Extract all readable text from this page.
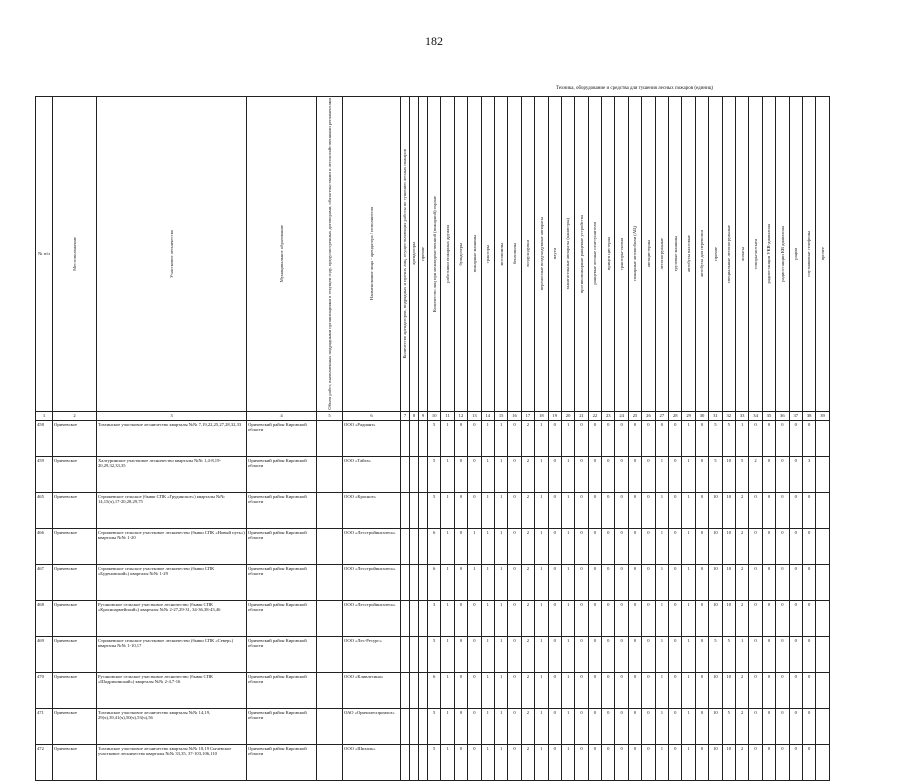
182
№ п/п	Местоположение	Участковое лесничество	Муниципальное образование	Объем работ, выполненных подрядными организациями в текущем году, предусмотренных договорами, обязательствами и лесохозяйственными регламентами	Наименование лица - арендатора / исполнителя	Количество арендаторов, подрядных и прочих лиц, осуществляющих работы по тушению лесных пожаров	арендаторы	прочие	Количество лиц при межведомственной (пожарной) охране	работники пожарных дружин	бульдозеры	пожарные машины	тракторы	мотопомпы	бензопилы	воздуходувки	переносные воздуходувные аппараты	плуги	зажигательные аппараты (канистры)	противопожарные ранцевые устройства	ранцевые лесные огнетушители	прицеп цистерна	тракторы-тягачи	пожарные автомобили (АЦ)	автоцистерны	лесопатрульные	грузовые машины	автобусы вахтовые	автобусы для перевозки	прочие	специальные лесопатрульные	лопаты	топоры-мотыги	радиостанции УКВ-диапазона	радиостанции КВ диапазона	рации	спутниковые телефоны	прочее

1	2	3	4	5	6	7	8	9	10	11	12	13	14	15	16	17	18	19	20	21	22	23	24	25	26	27	28	29	30	31	32	33	34	35	36	37	38	39
458	Оричевское	Тохтинское участковое лесничество кварталы №№ 7,19,22,25,27,28,32,33	Оричевский район Кировской области		ООО «Радиант»				5	1	0	0	1	1	0	2	1	0	1	0	0	0	0	0	0	0	0	1	0	5	5	1	0	0	0	0	0	
459	Оричевское	Халтуринское участковое лесничество кварталы №№ 1,4-8,19-20,29,32,33,35	Оричевский район Кировской области		ООО «Тайга»				5	1	0	0	1	1	0	2	1	0	1	0	0	0	0	0	0	1	0	1	0	5	10	5	2	0	0	0	3	
465	Оричевское	Стрижевское сельское (бывш СПК «Грудинское») кварталы №№ 14,15(ч),17-20,28,29,75	Оричевский район Кировской области		ООО «Красное»				5	1	0	0	1	1	0	2	1	0	1	0	0	0	0	0	0	1	0	1	0	10	10	2	0	0	0	0	0	
466	Оричевское	Стрижевское сельское участковое лесничество (бывш СПК «Новый путь») кварталы №№ 1-20	Оричевский район Кировской области		ООО «Лесстройингалесь»				6	1	0	1	1	1	0	2	1	0	1	0	0	0	0	0	0	1	0	1	0	10	10	2	0	0	0	0	0	
467	Оричевское	Стрижевское сельское участковое лесничество (бывш СПК «Буденовский») кварталы №№ 1-29	Оричевский район Кировской области		ООО «Лесстройингалесь»				6	1	0	1	1	1	0	2	1	0	1	0	0	0	0	0	0	1	0	1	0	10	10	2	0	0	0	0	0	
468	Оричевское	Русановское сельское участковое лесничество (бывш СПК «Красноармейский») кварталы №№ 2-27,29-31, 34-36,38-43,46	Оричевский район Кировской области		ООО «Лесстройингалесь»				3	1	0	0	1	1	0	2	1	0	1	0	0	0	0	0	0	1	0	1	0	10	10	2	0	0	0	0	0	
469	Оричевское	Стрижевское сельское участковое лесничество (бывш СПК «Север») кварталы №№ 1-10,17	Оричевский район Кировской области		ООО «Лес-Ресурс»				5	1	0	0	1	1	0	2	1	0	1	0	0	0	0	0	0	1	0	1	0	5	5	1	0	0	0	0	0	
470	Оричевское	Русановское сельское участковое лесничество (бывш СПК «Шадрихинский») кварталы №№ 2-4,7-16	Оричевский район Кировской области		ООО «Кливлесина»				6	1	0	0	1	1	0	2	1	0	1	0	0	0	0	0	0	1	0	1	0	10	10	2	0	0	0	0	0	
471	Оричевское	Тохтинское участковое лесничество кварталы №№ 14,19, 29(ч),39,41(ч),50(ч),53(ч),56	Оричевский район Кировской области		ОАО «Оричилеспромхоз»				5	1	0	0	1	1	0	2	1	0	1	0	0	0	0	0	0	1	0	1	0	10	5	2	0	0	0	0	0	
472	Оричевское	Тохтинское участковое лесничество кварталы №№ 18,19 Сычевское участковое лесничество кварталы №№ 33,35, 37-103,106,110	Оричевский район Кировской области		ООО «Шихаль»				5	1	0	0	1	1	0	2	1	0	1	0	0	0	0	0	0	1	0	1	0	10	10	2	0	0	0	0	0	
Техника, оборудование и средства для тушения лесных пожаров (единиц)
